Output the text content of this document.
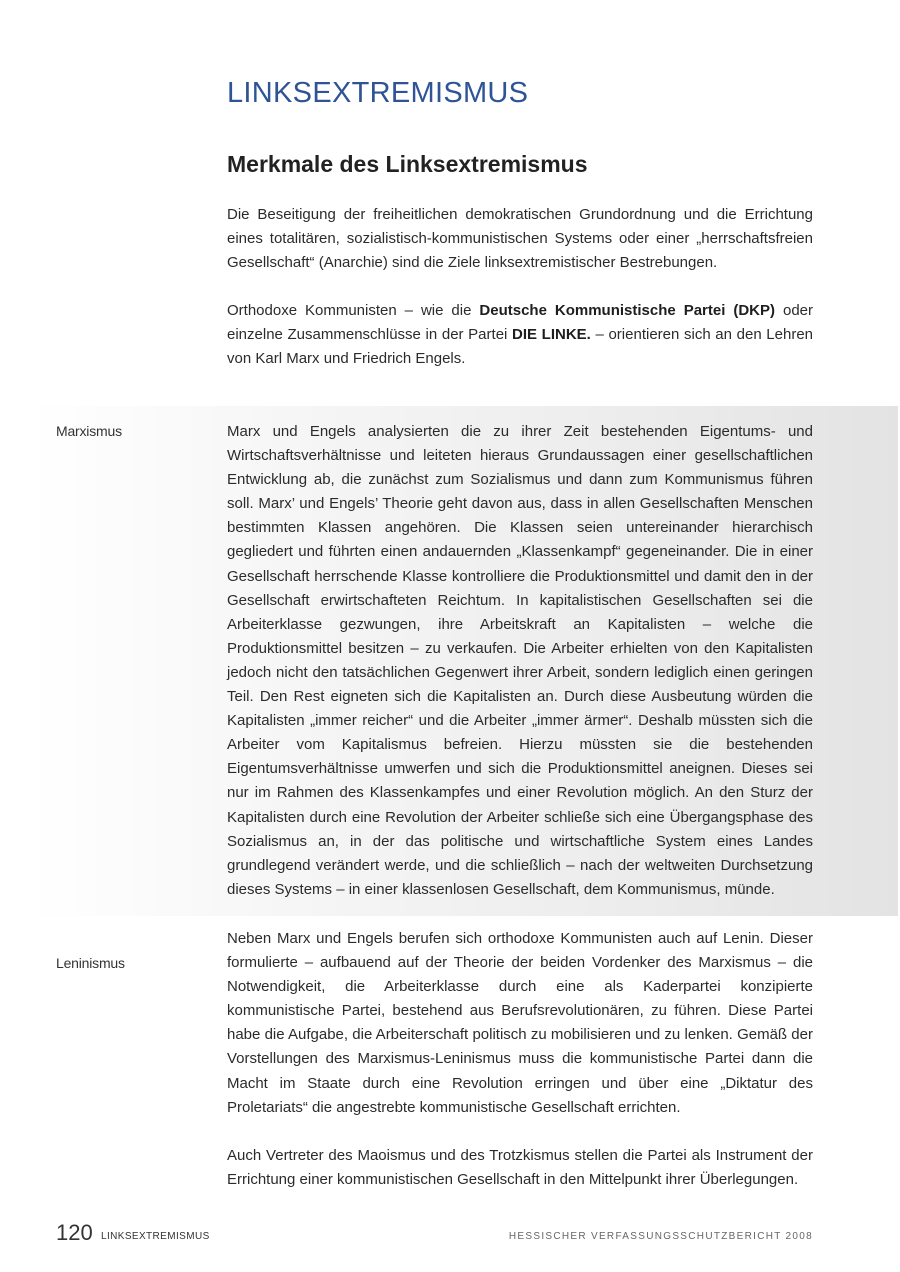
LINKSEXTREMISMUS
Merkmale des Linksextremismus

Die Beseitigung der freiheitlichen demokratischen Grundordnung und die Errichtung eines totalitären, sozialistisch-kommunistischen Systems oder einer „herrschaftsfreien Gesellschaft“ (Anarchie) sind die Ziele linksextremistischer Bestrebungen.

Orthodoxe Kommunisten – wie die Deutsche Kommunistische Partei (DKP) oder einzelne Zusammenschlüsse in der Partei DIE LINKE. – orientieren sich an den Lehren von Karl Marx und Friedrich Engels.

Marxismus	Marx und Engels analysierten die zu ihrer Zeit bestehenden Eigentums- und Wirtschaftsverhältnisse und leiteten hieraus Grundaussagen einer gesellschaftlichen Entwicklung ab, die zunächst zum Sozialismus und dann zum Kommunismus führen soll. Marx’ und Engels’ Theorie geht davon aus, dass in allen Gesellschaften Menschen bestimmten Klassen angehören. Die Klassen seien untereinander hierarchisch gegliedert und führten einen andauernden „Klassenkampf“ gegeneinander. Die in einer Gesellschaft herrschende Klasse kontrolliere die Produktionsmittel und damit den in der Gesellschaft erwirtschafteten Reichtum. In kapitalistischen Gesellschaften sei die Arbeiterklasse gezwungen, ihre Arbeitskraft an Kapitalisten – welche die Produktionsmittel besitzen – zu verkaufen. Die Arbeiter erhielten von den Kapitalisten jedoch nicht den tatsächlichen Gegenwert ihrer Arbeit, sondern lediglich einen geringen Teil. Den Rest eigneten sich die Kapitalisten an. Durch diese Ausbeutung würden die Kapitalisten „immer reicher“ und die Arbeiter „immer ärmer“. Deshalb müssten sich die Arbeiter vom Kapitalismus befreien. Hierzu müssten sie die bestehenden Eigentumsverhältnisse umwerfen und sich die Produktionsmittel aneignen. Dieses sei nur im Rahmen des Klassenkampfes und einer Revolution möglich. An den Sturz der Kapitalisten durch eine Revolution der Arbeiter schließe sich eine Übergangsphase des Sozialismus an, in der das politische und wirtschaftliche System eines Landes grundlegend verändert werde, und die schließlich – nach der weltweiten Durchsetzung dieses Systems – in einer klassenlosen Gesellschaft, dem Kommunismus, münde.

Leninismus

Neben Marx und Engels berufen sich orthodoxe Kommunisten auch auf Lenin. Dieser formulierte – aufbauend auf der Theorie der beiden Vordenker des Marxismus – die Notwendigkeit, die Arbeiterklasse durch eine als Kaderpartei konzipierte kommunistische Partei, bestehend aus Berufsrevolutionären, zu führen. Diese Partei habe die Aufgabe, die Arbeiterschaft politisch zu mobilisieren und zu lenken. Gemäß der Vorstellungen des Marxismus-Leninismus muss die kommunistische Partei dann die Macht im Staate durch eine Revolution erringen und über eine „Diktatur des Proletariats“ die angestrebte kommunistische Gesellschaft errichten.

Auch Vertreter des Maoismus und des Trotzkismus stellen die Partei als Instrument der Errichtung einer kommunistischen Gesellschaft in den Mittelpunkt ihrer Überlegungen.

120 LINKSEXTREMISMUS	HESSISCHER VERFASSUNGSSCHUTZBERICHT 2008
